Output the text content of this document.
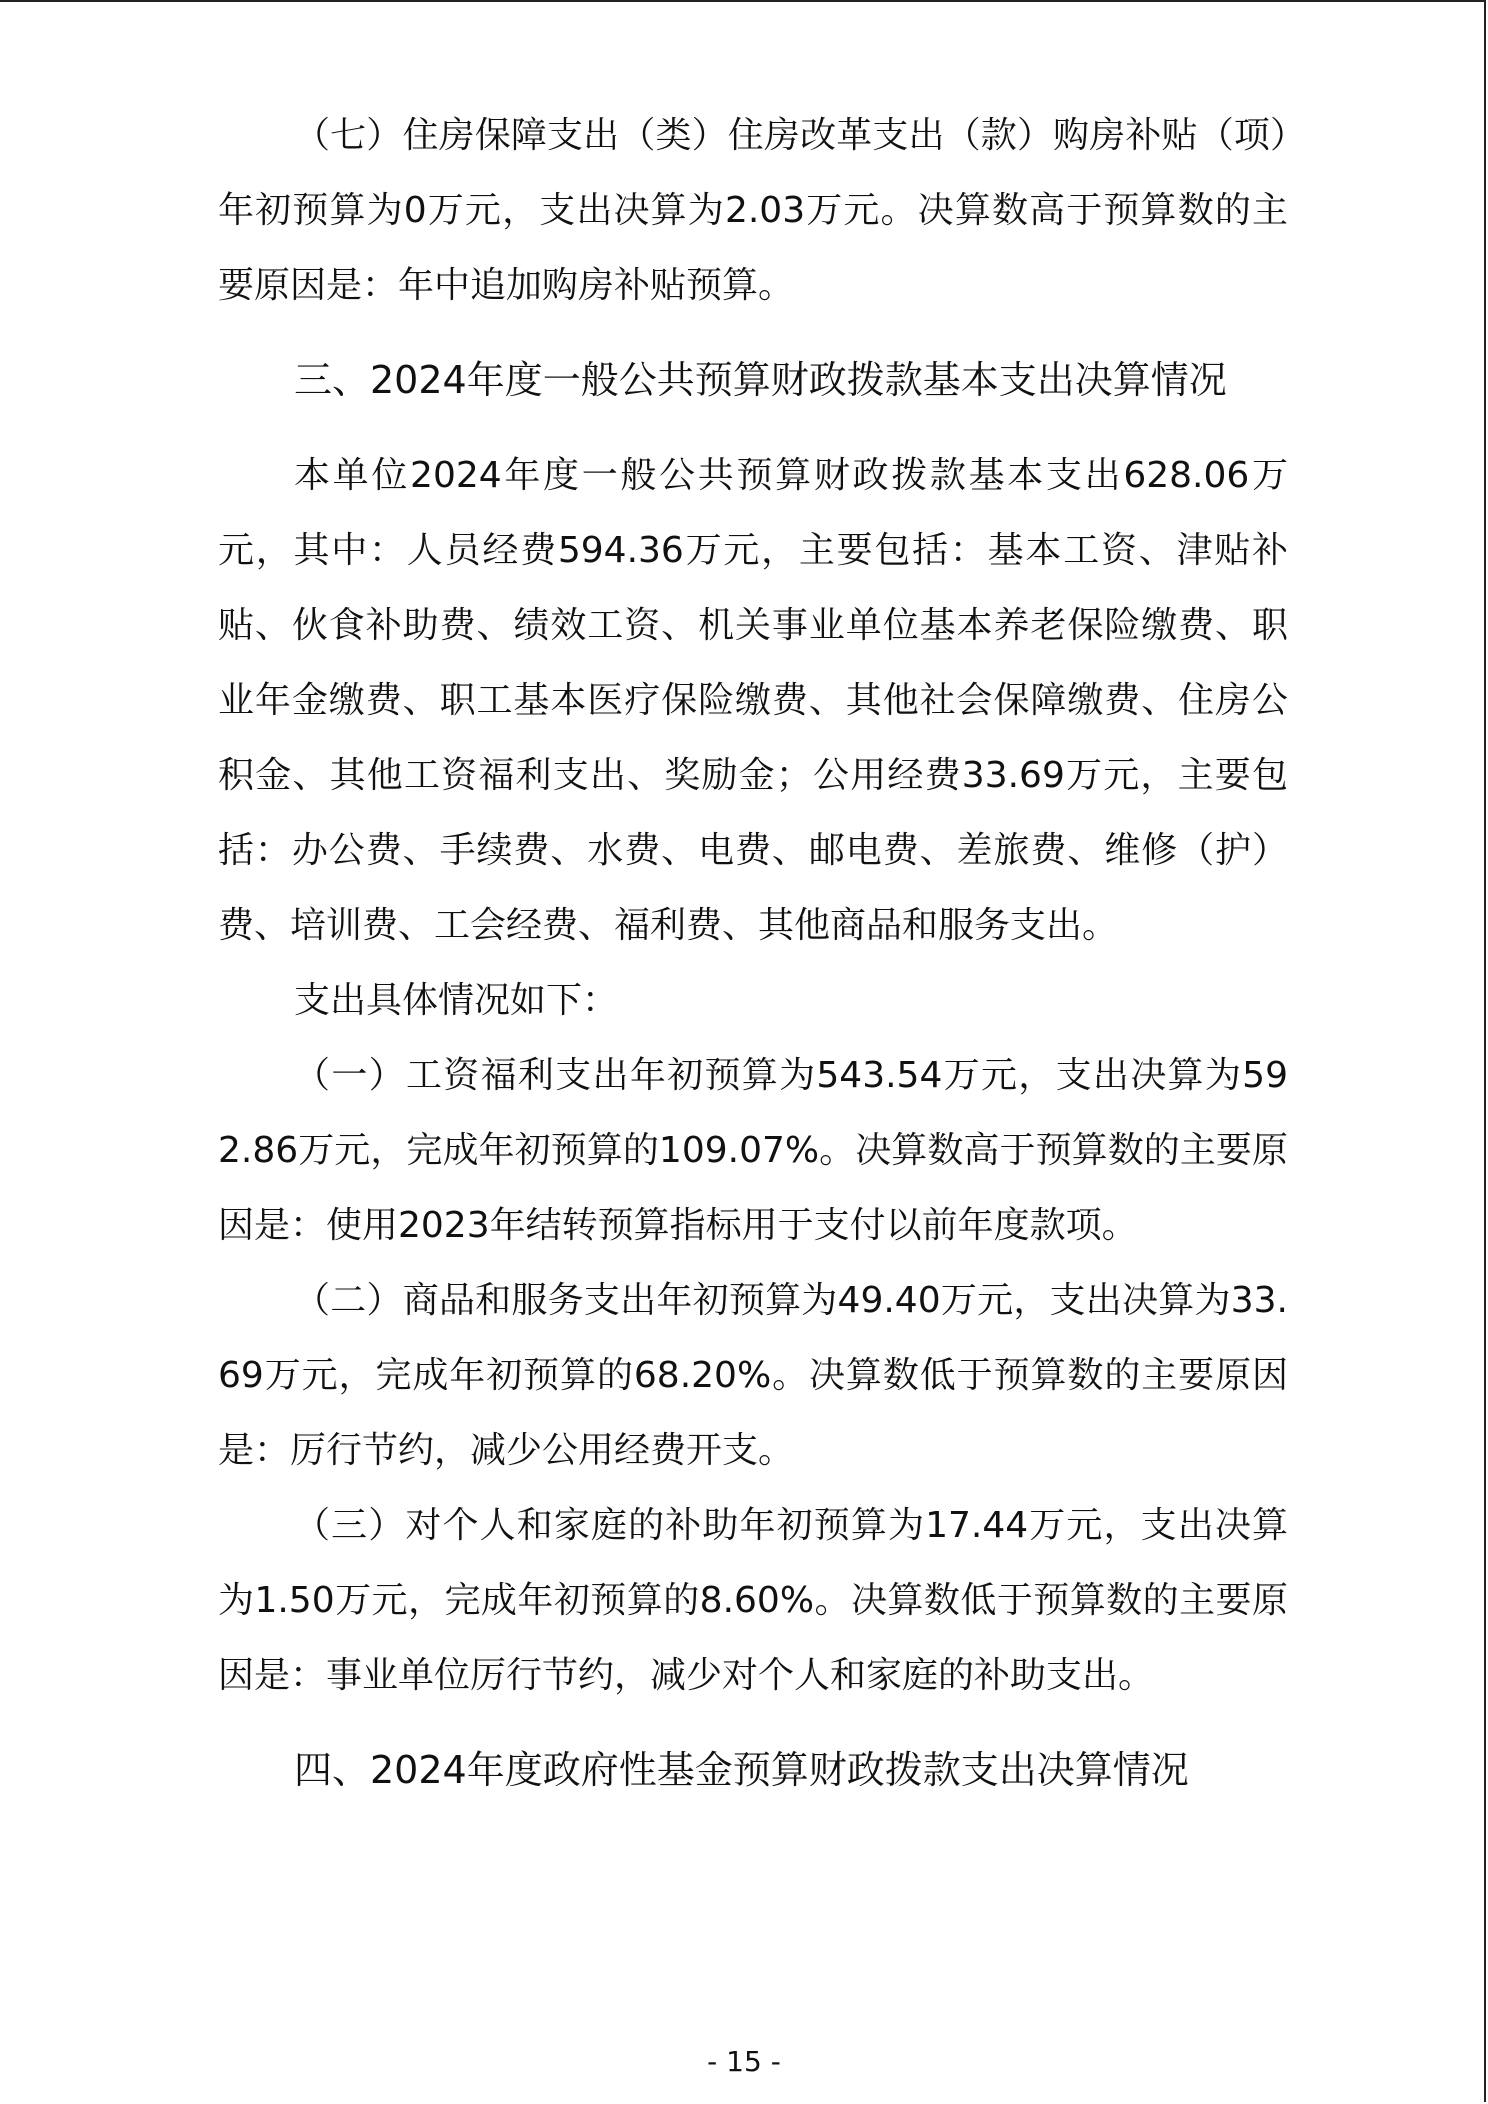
（七）住房保障支出（类）住房改革支出（款）购房补贴（项）年初预算为0万元，支出决算为2.03万元。决算数高于预算数的主要原因是：年中追加购房补贴预算。

三、2024年度一般公共预算财政拨款基本支出决算情况

本单位2024年度一般公共预算财政拨款基本支出628.06万元，其中：人员经费594.36万元，主要包括：基本工资、津贴补贴、伙食补助费、绩效工资、机关事业单位基本养老保险缴费、职业年金缴费、职工基本医疗保险缴费、其他社会保障缴费、住房公积金、其他工资福利支出、奖励金；公用经费33.69万元，主要包括：办公费、手续费、水费、电费、邮电费、差旅费、维修（护）费、培训费、工会经费、福利费、其他商品和服务支出。

支出具体情况如下：

（一）工资福利支出年初预算为543.54万元，支出决算为592.86万元，完成年初预算的109.07%。决算数高于预算数的主要原因是：使用2023年结转预算指标用于支付以前年度款项。

（二）商品和服务支出年初预算为49.40万元，支出决算为33.69万元，完成年初预算的68.20%。决算数低于预算数的主要原因是：厉行节约，减少公用经费开支。

（三）对个人和家庭的补助年初预算为17.44万元，支出决算为1.50万元，完成年初预算的8.60%。决算数低于预算数的主要原因是：事业单位厉行节约，减少对个人和家庭的补助支出。

四、2024年度政府性基金预算财政拨款支出决算情况

- 15 -
